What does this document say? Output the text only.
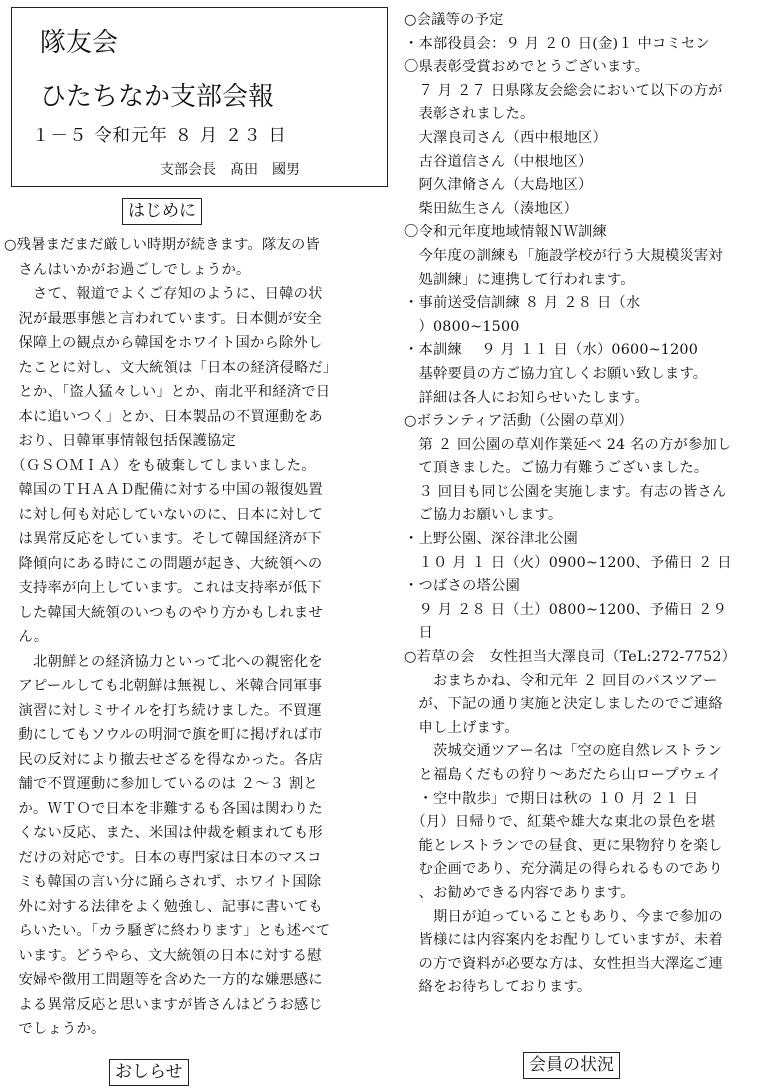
隊友会
ひたちなか支部会報
１－５ 令和元年 ８ 月 ２３ 日
支部会長　髙田　國男
はじめに
○残暑まだまだ厳しい時期が続きます。隊友の皆
　さんはいかがお過ごしでしょうか。
　　さて、報道でよくご存知のように、日韓の状
　況が最悪事態と言われています。日本側が安全
　保障上の観点から韓国をホワイト国から除外し
　たことに対し、文大統領は「日本の経済侵略だ」
　とか、「盗人猛々しい」とか、南北平和経済で日
　本に追いつく」とか、日本製品の不買運動をあ
　おり、日韓軍事情報包括保護協定
　（ＧＳＯＭＩＡ）をも破棄してしまいました。
　韓国のＴＨＡＡＤ配備に対する中国の報復処置
　に対し何も対応していないのに、日本に対して
　は異常反応をしています。そして韓国経済が下
　降傾向にある時にこの問題が起き、大統領への
　支持率が向上しています。これは支持率が低下
　した韓国大統領のいつものやり方かもしれませ
　ん。
　　北朝鮮との経済協力といって北への親密化を
　アピールしても北朝鮮は無視し、米韓合同軍事
　演習に対しミサイルを打ち続けました。不買運
　動にしてもソウルの明洞で旗を町に掲げれば市
　民の反対により撤去せざるを得なかった。各店
　舗で不買運動に参加しているのは ２～３ 割と
　か。ＷＴＯで日本を非難するも各国は関わりた
　くない反応、また、米国は仲裁を頼まれても形
　だけの対応です。日本の専門家は日本のマスコ
　ミも韓国の言い分に踊らされず、ホワイト国除
　外に対する法律をよく勉強し、記事に書いても
　らいたい。「カラ騒ぎに終わります」とも述べて
　います。どうやら、文大統領の日本に対する慰
　安婦や徴用工問題等を含めた一方的な嫌悪感に
　よる異常反応と思いますが皆さんはどうお感じ
　でしょうか。
おしらせ
○会議等の予定
・本部役員会：９ 月 ２０ 日(金)１ 中コミセン
〇県表彰受賞おめでとうございます。
　７ 月 ２７ 日県隊友会総会において以下の方が
　表彰されました。
　大澤良司さん（西中根地区）
　古谷道信さん（中根地区）
　阿久津脩さん（大島地区）
　柴田紘生さん（湊地区）
〇令和元年度地域情報ＮＷ訓練
　今年度の訓練も「施設学校が行う大規模災害対
　処訓練」に連携して行われます。
・事前送受信訓練 ８ 月 ２８ 日（水
　）0800~1500
・本訓練　 ９ 月 １１ 日（水）0600~1200
　基幹要員の方ご協力宜しくお願い致します。
　詳細は各人にお知らせいたします。
○ボランティア活動（公園の草刈）
　第 ２ 回公園の草刈作業延べ 24 名の方が参加し
　て頂きました。ご協力有難うございました。
　３ 回目も同じ公園を実施します。有志の皆さん
　ご協力お願いします。
・上野公園、深谷津北公園
　１０ 月 １ 日（火）0900~1200、予備日 ２ 日
・つばさの塔公園
　９ 月 ２８ 日（土）0800~1200、予備日 ２９
　日
○若草の会　女性担当大澤良司（TeL:272-7752）
　　おまちかね、令和元年 ２ 回目のバスツアー
　が、下記の通り実施と決定しましたのでご連絡
　申し上げます。
　　茨城交通ツアー名は「空の庭自然レストラン
　と福島くだもの狩り～あだたら山ロープウェイ
　・空中散歩」で期日は秋の １０ 月 ２１ 日
　（月）日帰りで、紅葉や雄大な東北の景色を堪
　能とレストランでの昼食、更に果物狩りを楽し
　む企画であり、充分満足の得られるものであり
　、お勧めできる内容であります。
　　期日が迫っていることもあり、今まで参加の
　皆様には内容案内をお配りしていますが、未着
　の方で資料が必要な方は、女性担当大澤迄ご連
　絡をお待ちしております。
会員の状況
